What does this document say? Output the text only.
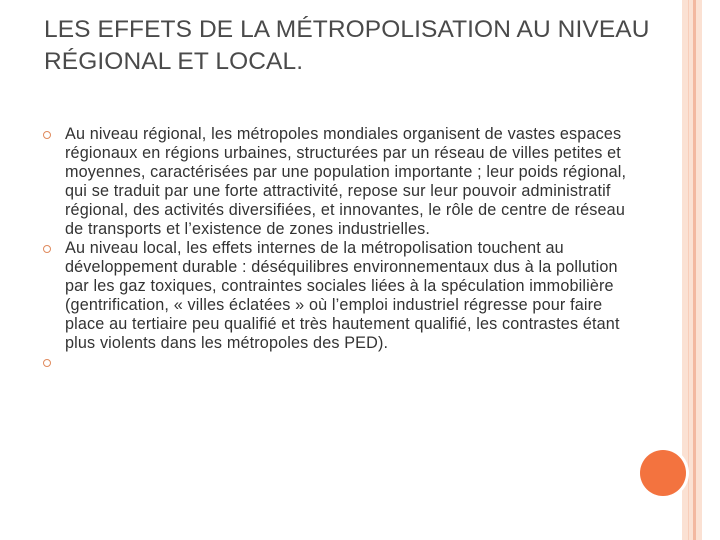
LES EFFETS DE LA MÉTROPOLISATION AU NIVEAU RÉGIONAL ET LOCAL.
Au niveau régional, les métropoles mondiales organisent de vastes espaces régionaux en régions urbaines, structurées par un réseau de villes petites et moyennes, caractérisées par une population importante ; leur poids régional, qui se traduit par une forte attractivité, repose sur leur pouvoir administratif régional, des activités diversifiées, et innovantes, le rôle de centre de réseau de transports et l’existence de zones industrielles.
Au niveau local, les effets internes de la métropolisation touchent au développement durable : déséquilibres environnementaux dus à la pollution par les gaz toxiques, contraintes sociales liées à la spéculation immobilière (gentrification, « villes éclatées » où l’emploi industriel régresse pour faire place au tertiaire peu qualifié et très hautement qualifié, les contrastes étant plus violents dans les métropoles des PED).
